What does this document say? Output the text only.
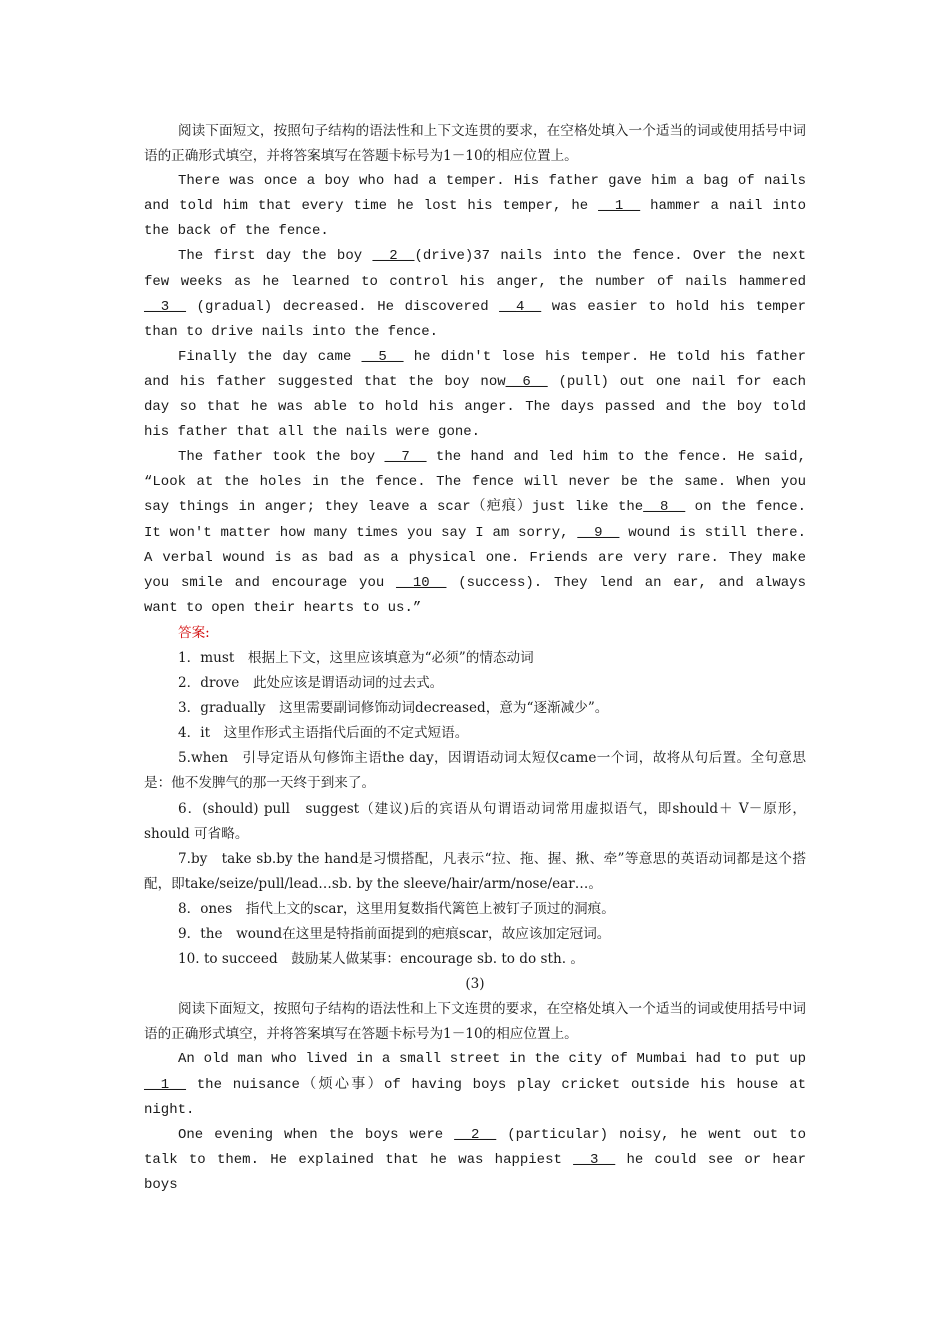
阅读下面短文，按照句子结构的语法性和上下文连贯的要求，在空格处填入一个适当的词或使用括号中词语的正确形式填空，并将答案填写在答题卡标号为1－10的相应位置上。

There was once a boy who had a temper. His father gave him a bag of nails and told him that every time he lost his temper, he __1__ hammer a nail into the back of the fence.

The first day the boy __2__(drive)37 nails into the fence. Over the next few weeks as he learned to control his anger, the number of nails hammered __3__ (gradual) decreased. He discovered __4__ was easier to hold his temper than to drive nails into the fence.

Finally the day came __5__ he didn't lose his temper. He told his father and his father suggested that the boy now__6__ (pull) out one nail for each day so that he was able to hold his anger. The days passed and the boy told his father that all the nails were gone.

The father took the boy __7__ the hand and led him to the fence. He said, “Look at the holes in the fence. The fence will never be the same. When you say things in anger; they leave a scar（疤痕）just like the__8__ on the fence. It won't matter how many times you say I am sorry, __9__ wound is still there. A verbal wound is as bad as a physical one. Friends are very rare. They make you smile and encourage you __10__ (success). They lend an ear, and always want to open their hearts to us.”

答案:

1．must　根据上下文，这里应该填意为“必须”的情态动词

2．drove　此处应该是谓语动词的过去式。

3．gradually　这里需要副词修饰动词decreased，意为“逐渐减少”。

4．it　这里作形式主语指代后面的不定式短语。

5.when　引导定语从句修饰主语the day，因谓语动词太短仅came一个词，故将从句后置。全句意思是：他不发脾气的那一天终于到来了。

6．(should) pull　suggest（建议)后的宾语从句谓语动词常用虚拟语气，即should＋ V－原形，should 可省略。

7.by　take sb.by the hand是习惯搭配，凡表示“拉、拖、握、揪、牵”等意思的英语动词都是这个搭配，即take/seize/pull/lead…sb. by the sleeve/hair/arm/nose/ear…。

8．ones　指代上文的scar，这里用复数指代篱笆上被钉子顶过的洞痕。

9．the　wound在这里是特指前面提到的疤痕scar，故应该加定冠词。

10. to succeed　鼓励某人做某事：encourage sb. to do sth. 。

(3)

阅读下面短文，按照句子结构的语法性和上下文连贯的要求，在空格处填入一个适当的词或使用括号中词语的正确形式填空，并将答案填写在答题卡标号为1－10的相应位置上。

An old man who lived in a small street in the city of Mumbai had to put up __1__ the nuisance（烦心事）of having boys play cricket outside his house at night.

One evening when the boys were __2__ (particular) noisy, he went out to talk to them. He explained that he was happiest __3__ he could see or hear boys
